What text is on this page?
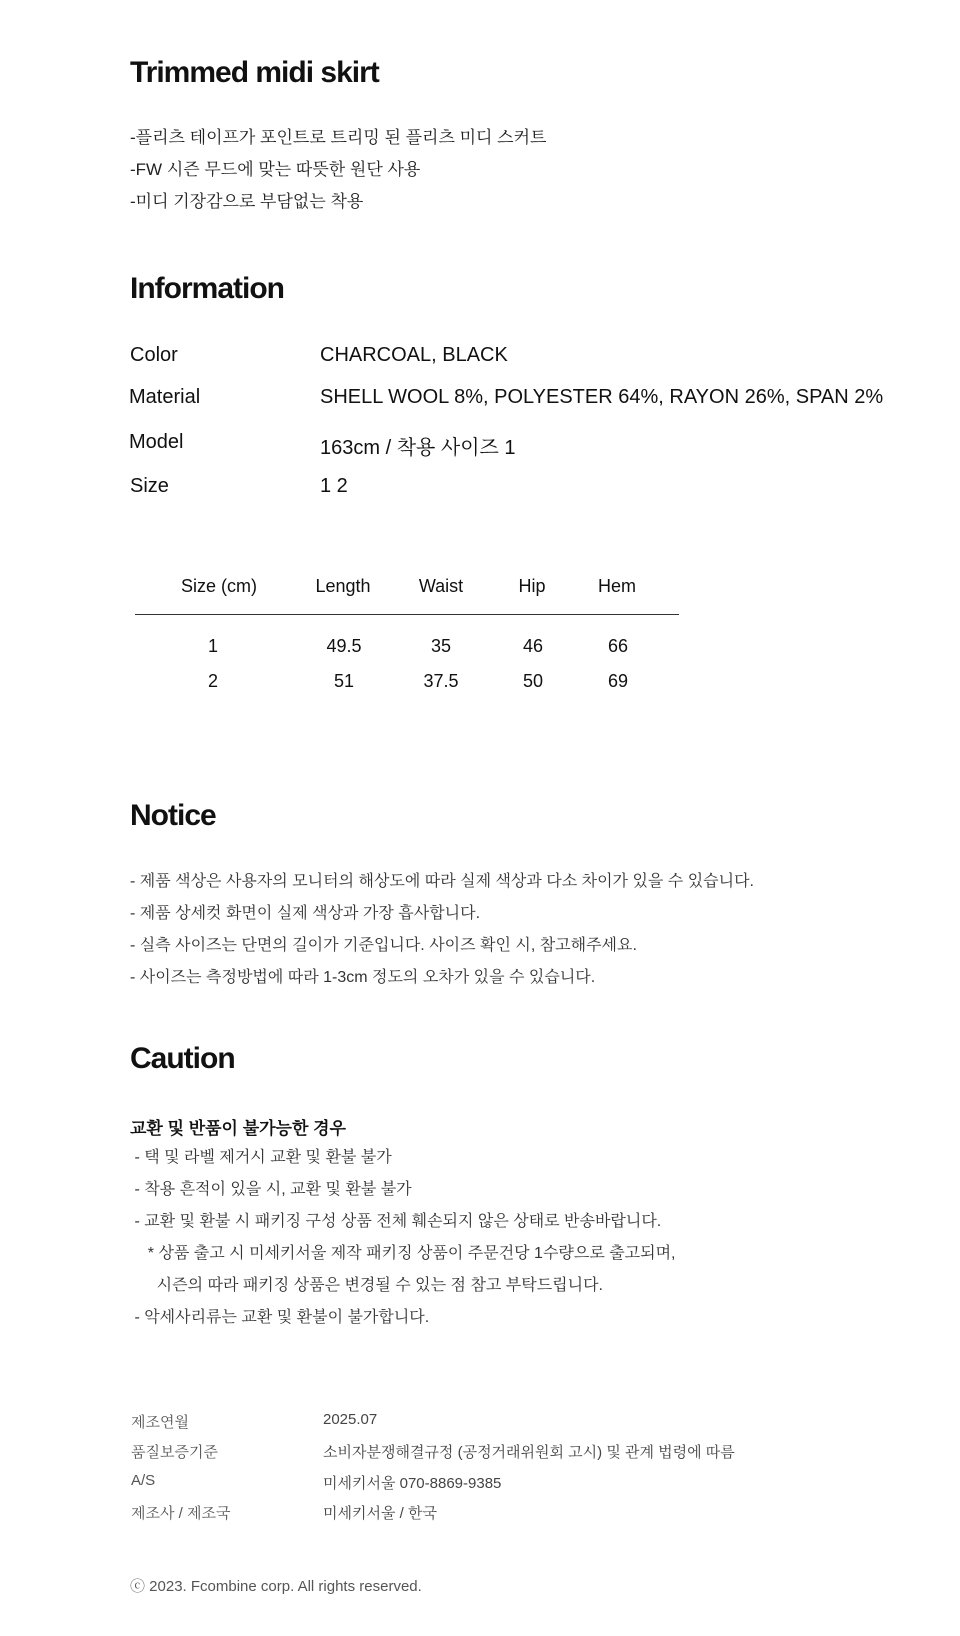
Trimmed midi skirt
-플리츠 테이프가 포인트로 트리밍 된 플리츠 미디 스커트
-FW 시즌 무드에 맞는 따뜻한 원단 사용
-미디 기장감으로 부담없는 착용
Information
Color	CHARCOAL, BLACK
Material	SHELL WOOL 8%, POLYESTER 64%, RAYON 26%, SPAN 2%
Model	163cm / 착용 사이즈 1
Size	1 2
Size (cm)	Length	Waist	Hip	Hem
1	49.5	35	46	66
2	51	37.5	50	69
Notice
- 제품 색상은 사용자의 모니터의 해상도에 따라 실제 색상과 다소 차이가 있을 수 있습니다.
- 제품 상세컷 화면이 실제 색상과 가장 흡사합니다.
- 실측 사이즈는 단면의 길이가 기준입니다. 사이즈 확인 시, 참고해주세요.
- 사이즈는 측정방법에 따라 1-3cm 정도의 오차가 있을 수 있습니다.
Caution
교환 및 반품이 불가능한 경우
- 택 및 라벨 제거시 교환 및 환불 불가
- 착용 흔적이 있을 시, 교환 및 환불 불가
- 교환 및 환불 시 패키징 구성 상품 전체 훼손되지 않은 상태로 반송바랍니다.
* 상품 출고 시 미세키서울 제작 패키징 상품이 주문건당 1수량으로 출고되며,
시즌의 따라 패키징 상품은 변경될 수 있는 점 참고 부탁드립니다.
- 악세사리류는 교환 및 환불이 불가합니다.
제조연월	2025.07
품질보증기준	소비자분쟁해결규정 (공정거래위원회 고시) 및 관계 법령에 따름
A/S	미세키서울 070-8869-9385
제조사 / 제조국	미세키서울 / 한국
ⓒ 2023. Fcombine corp. All rights reserved.
